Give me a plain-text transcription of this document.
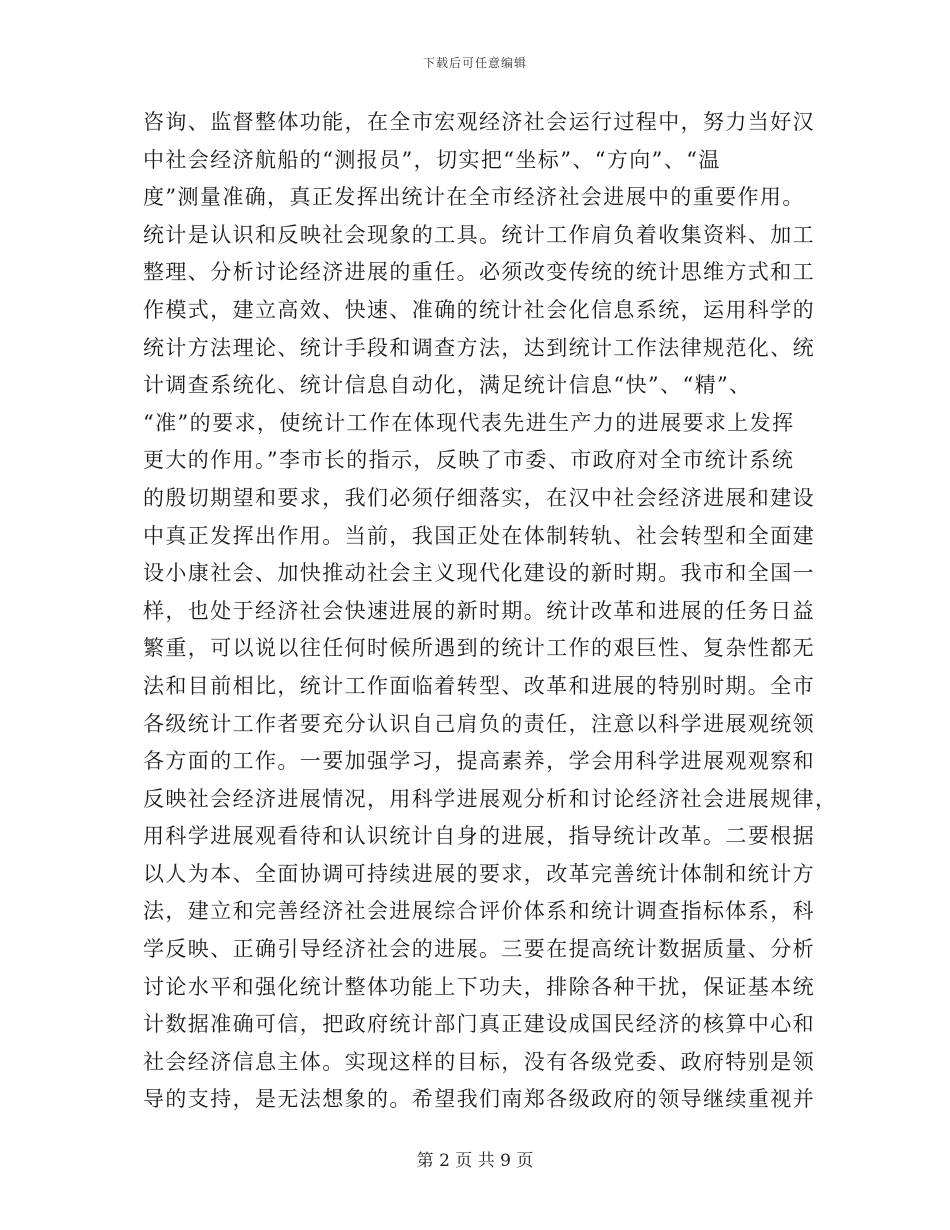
下载后可任意编辑
咨询、监督整体功能，在全市宏观经济社会运行过程中，努力当好汉
中社会经济航船的“测报员”，切实把“坐标”、“方向”、“温
度”测量准确，真正发挥出统计在全市经济社会进展中的重要作用。
统计是认识和反映社会现象的工具。统计工作肩负着收集资料、加工
整理、分析讨论经济进展的重任。必须改变传统的统计思维方式和工
作模式，建立高效、快速、准确的统计社会化信息系统，运用科学的
统计方法理论、统计手段和调查方法，达到统计工作法律规范化、统
计调查系统化、统计信息自动化，满足统计信息“快”、“精”、
“准”的要求，使统计工作在体现代表先进生产力的进展要求上发挥
更大的作用。”李市长的指示，反映了市委、市政府对全市统计系统
的殷切期望和要求，我们必须仔细落实，在汉中社会经济进展和建设
中真正发挥出作用。当前，我国正处在体制转轨、社会转型和全面建
设小康社会、加快推动社会主义现代化建设的新时期。我市和全国一
样，也处于经济社会快速进展的新时期。统计改革和进展的任务日益
繁重，可以说以往任何时候所遇到的统计工作的艰巨性、复杂性都无
法和目前相比，统计工作面临着转型、改革和进展的特别时期。全市
各级统计工作者要充分认识自己肩负的责任，注意以科学进展观统领
各方面的工作。一要加强学习，提高素养，学会用科学进展观观察和
反映社会经济进展情况，用科学进展观分析和讨论经济社会进展规律，
用科学进展观看待和认识统计自身的进展，指导统计改革。二要根据
以人为本、全面协调可持续进展的要求，改革完善统计体制和统计方
法，建立和完善经济社会进展综合评价体系和统计调查指标体系，科
学反映、正确引导经济社会的进展。三要在提高统计数据质量、分析
讨论水平和强化统计整体功能上下功夫，排除各种干扰，保证基本统
计数据准确可信，把政府统计部门真正建设成国民经济的核算中心和
社会经济信息主体。实现这样的目标，没有各级党委、政府特别是领
导的支持，是无法想象的。希望我们南郑各级政府的领导继续重视并
第 2 页 共 9 页
